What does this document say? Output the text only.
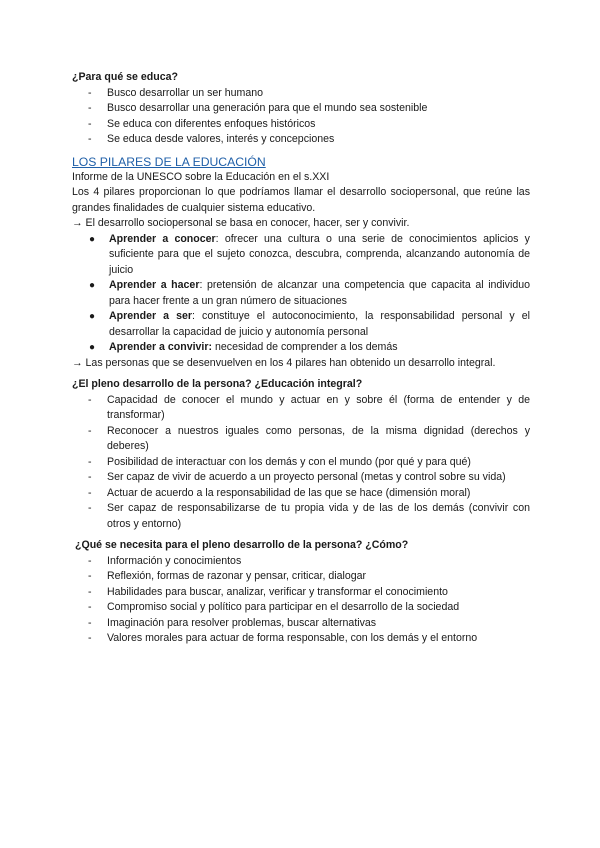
¿Para qué se educa?

- Busco desarrollar un ser humano
- Busco desarrollar una generación para que el mundo sea sostenible
- Se educa con diferentes enfoques históricos
- Se educa desde valores, interés y concepciones
LOS PILARES DE LA EDUCACIÓN

Informe de la UNESCO sobre la Educación en el s.XXI

Los 4 pilares proporcionan lo que podríamos llamar el desarrollo sociopersonal, que reúne las grandes finalidades de cualquier sistema educativo.

→ El desarrollo sociopersonal se basa en conocer, hacer, ser y convivir.

● Aprender a conocer: ofrecer una cultura o una serie de conocimientos aplicios y suficiente para que el sujeto conozca, descubra, comprenda, alcanzando autonomía de juicio
● Aprender a hacer: pretensión de alcanzar una competencia que capacita al individuo para hacer frente a un gran número de situaciones
● Aprender a ser: constituye el autoconocimiento, la responsabilidad personal y el desarrollar la capacidad de juicio y autonomía personal
● Aprender a convivir: necesidad de comprender a los demás

→ Las personas que se desenvuelven en los 4 pilares han obtenido un desarrollo integral.

¿El pleno desarrollo de la persona? ¿Educación integral?

- Capacidad de conocer el mundo y actuar en y sobre él (forma de entender y de transformar)
- Reconocer a nuestros iguales como personas, de la misma dignidad (derechos y deberes)
- Posibilidad de interactuar con los demás y con el mundo (por qué y para qué)
- Ser capaz de vivir de acuerdo a un proyecto personal (metas y control sobre su vida)
- Actuar de acuerdo a la responsabilidad de las que se hace (dimensión moral)
- Ser capaz de responsabilizarse de tu propia vida y de las de los demás (convivir con otros y entorno)

¿Qué se necesita para el pleno desarrollo de la persona? ¿Cómo?

- Información y conocimientos
- Reflexión, formas de razonar y pensar, criticar, dialogar
- Habilidades para buscar, analizar, verificar y transformar el conocimiento
- Compromiso social y político para participar en el desarrollo de la sociedad
- Imaginación para resolver problemas, buscar alternativas
- Valores morales para actuar de forma responsable, con los demás y el entorno
